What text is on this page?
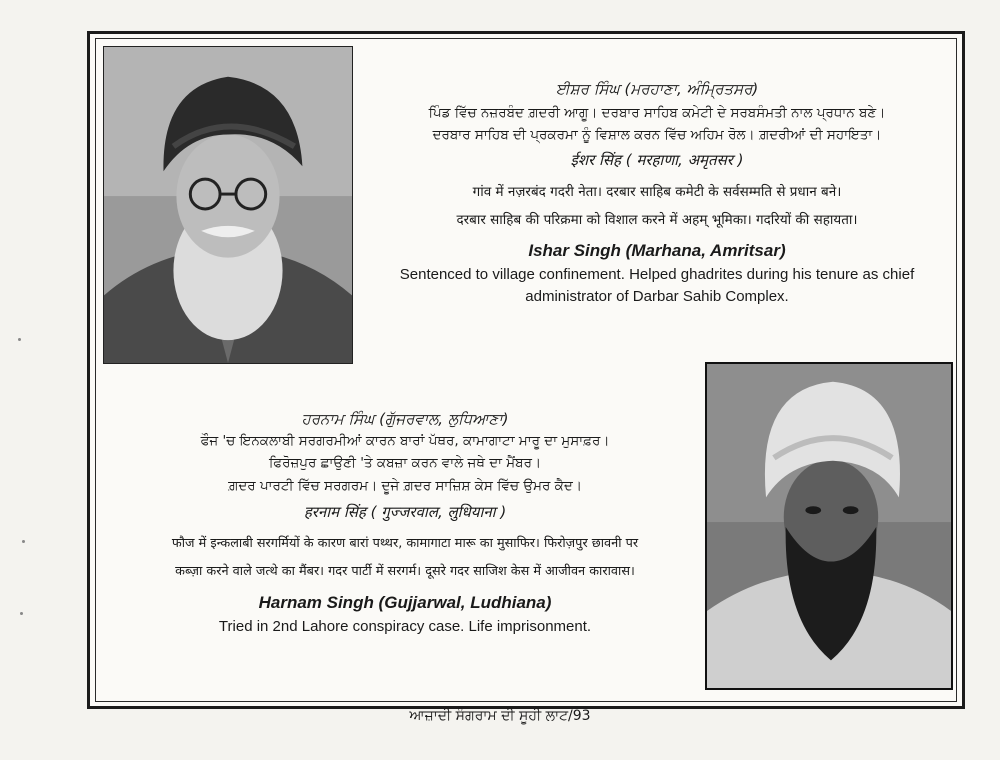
ਈਸ਼ਰ ਸਿੰਘ (ਮਰਹਾਣਾ, ਅੰਮ੍ਰਿਤਸਰ)

ਪਿੰਡ ਵਿੱਚ ਨਜ਼ਰਬੰਦ ਗ਼ਦਰੀ ਆਗੂ। ਦਰਬਾਰ ਸਾਹਿਬ ਕਮੇਟੀ ਦੇ ਸਰਬਸੰਮਤੀ ਨਾਲ ਪ੍ਰਧਾਨ ਬਣੇ।

ਦਰਬਾਰ ਸਾਹਿਬ ਦੀ ਪ੍ਰਕਰਮਾ ਨੂੰ ਵਿਸ਼ਾਲ ਕਰਨ ਵਿੱਚ ਅਹਿਮ ਰੋਲ। ਗ਼ਦਰੀਆਂ ਦੀ ਸਹਾਇਤਾ।

ईशर सिंह ( मरहाणा, अमृतसर )

गांव में नज़रबंद गदरी नेता। दरबार साहिब कमेटी के सर्वसम्मति से प्रधान बने।

दरबार साहिब की परिक्रमा को विशाल करने में अहम् भूमिका। गदरियों की सहायता।

Ishar Singh (Marhana, Amritsar)

Sentenced to village confinement. Helped ghadrites during his tenure as chief

administrator of Darbar Sahib Complex.

ਹਰਨਾਮ ਸਿੰਘ (ਗੁੱਜਰਵਾਲ, ਲੁਧਿਆਣਾ)

ਫੌਜ 'ਚ ਇਨਕਲਾਬੀ ਸਰਗਰਮੀਆਂ ਕਾਰਨ ਬਾਰਾਂ ਪੱਥਰ, ਕਾਮਾਗਾਟਾ ਮਾਰੂ ਦਾ ਮੁਸਾਫ਼ਰ।

ਫਿਰੋਜ਼ਪੁਰ ਛਾਉਣੀ 'ਤੇ ਕਬਜ਼ਾ ਕਰਨ ਵਾਲੇ ਜਥੇ ਦਾ ਮੈਂਬਰ।

ਗ਼ਦਰ ਪਾਰਟੀ ਵਿੱਚ ਸਰਗਰਮ। ਦੂਜੇ ਗ਼ਦਰ ਸਾਜ਼ਿਸ਼ ਕੇਸ ਵਿੱਚ ਉਮਰ ਕੈਦ।

हरनाम सिंह ( गुज्जरवाल, लुधियाना )

फौज में इन्कलाबी सरगर्मियों के कारण बारां पथ्थर, कामागाटा मारू का मुसाफिर। फिरोज़पुर छावनी पर

कब्ज़ा करने वाले जत्थे का मैंबर। गदर पार्टी में सरगर्म। दूसरे गदर साजिश केस में आजीवन कारावास।

Harnam Singh (Gujjarwal, Ludhiana)

Tried in 2nd Lahore conspiracy case. Life imprisonment.

ਆਜ਼ਾਦੀ ਸੰਗਰਾਮ ਦੀ ਸੂਹੀ ਲਾਟ/93
